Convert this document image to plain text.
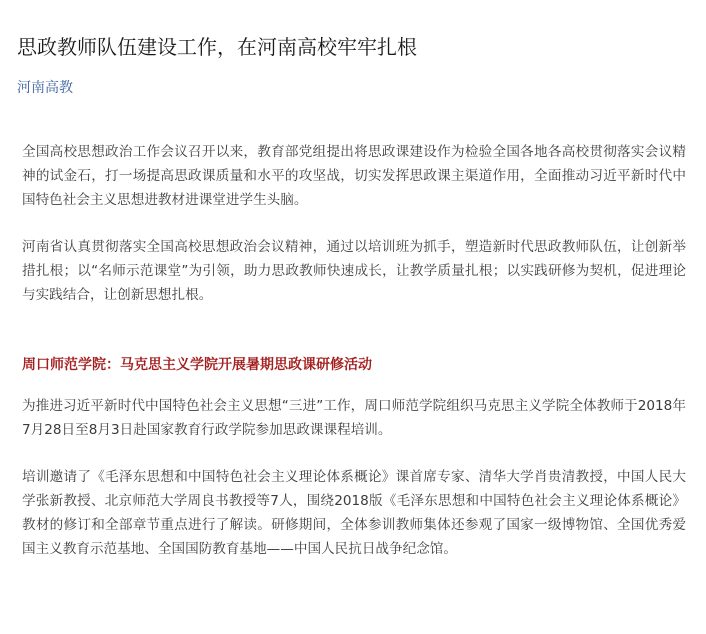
思政教师队伍建设工作，在河南高校牢牢扎根
河南高教

全国高校思想政治工作会议召开以来，教育部党组提出将思政课建设作为检验全国各地各高校贯彻落实会议精神的试金石，打一场提高思政课质量和水平的攻坚战，切实发挥思政课主渠道作用，全面推动习近平新时代中国特色社会主义思想进教材进课堂进学生头脑。

河南省认真贯彻落实全国高校思想政治会议精神，通过以培训班为抓手，塑造新时代思政教师队伍，让创新举措扎根；以“名师示范课堂”为引领，助力思政教师快速成长，让教学质量扎根；以实践研修为契机，促进理论与实践结合，让创新思想扎根。

周口师范学院：马克思主义学院开展暑期思政课研修活动

为推进习近平新时代中国特色社会主义思想“三进”工作，周口师范学院组织马克思主义学院全体教师于2018年7月28日至8月3日赴国家教育行政学院参加思政课课程培训。

培训邀请了《毛泽东思想和中国特色社会主义理论体系概论》课首席专家、清华大学肖贵清教授，中国人民大学张新教授、北京师范大学周良书教授等7人，围绕2018版《毛泽东思想和中国特色社会主义理论体系概论》教材的修订和全部章节重点进行了解读。研修期间，全体参训教师集体还参观了国家一级博物馆、全国优秀爱国主义教育示范基地、全国国防教育基地——中国人民抗日战争纪念馆。
